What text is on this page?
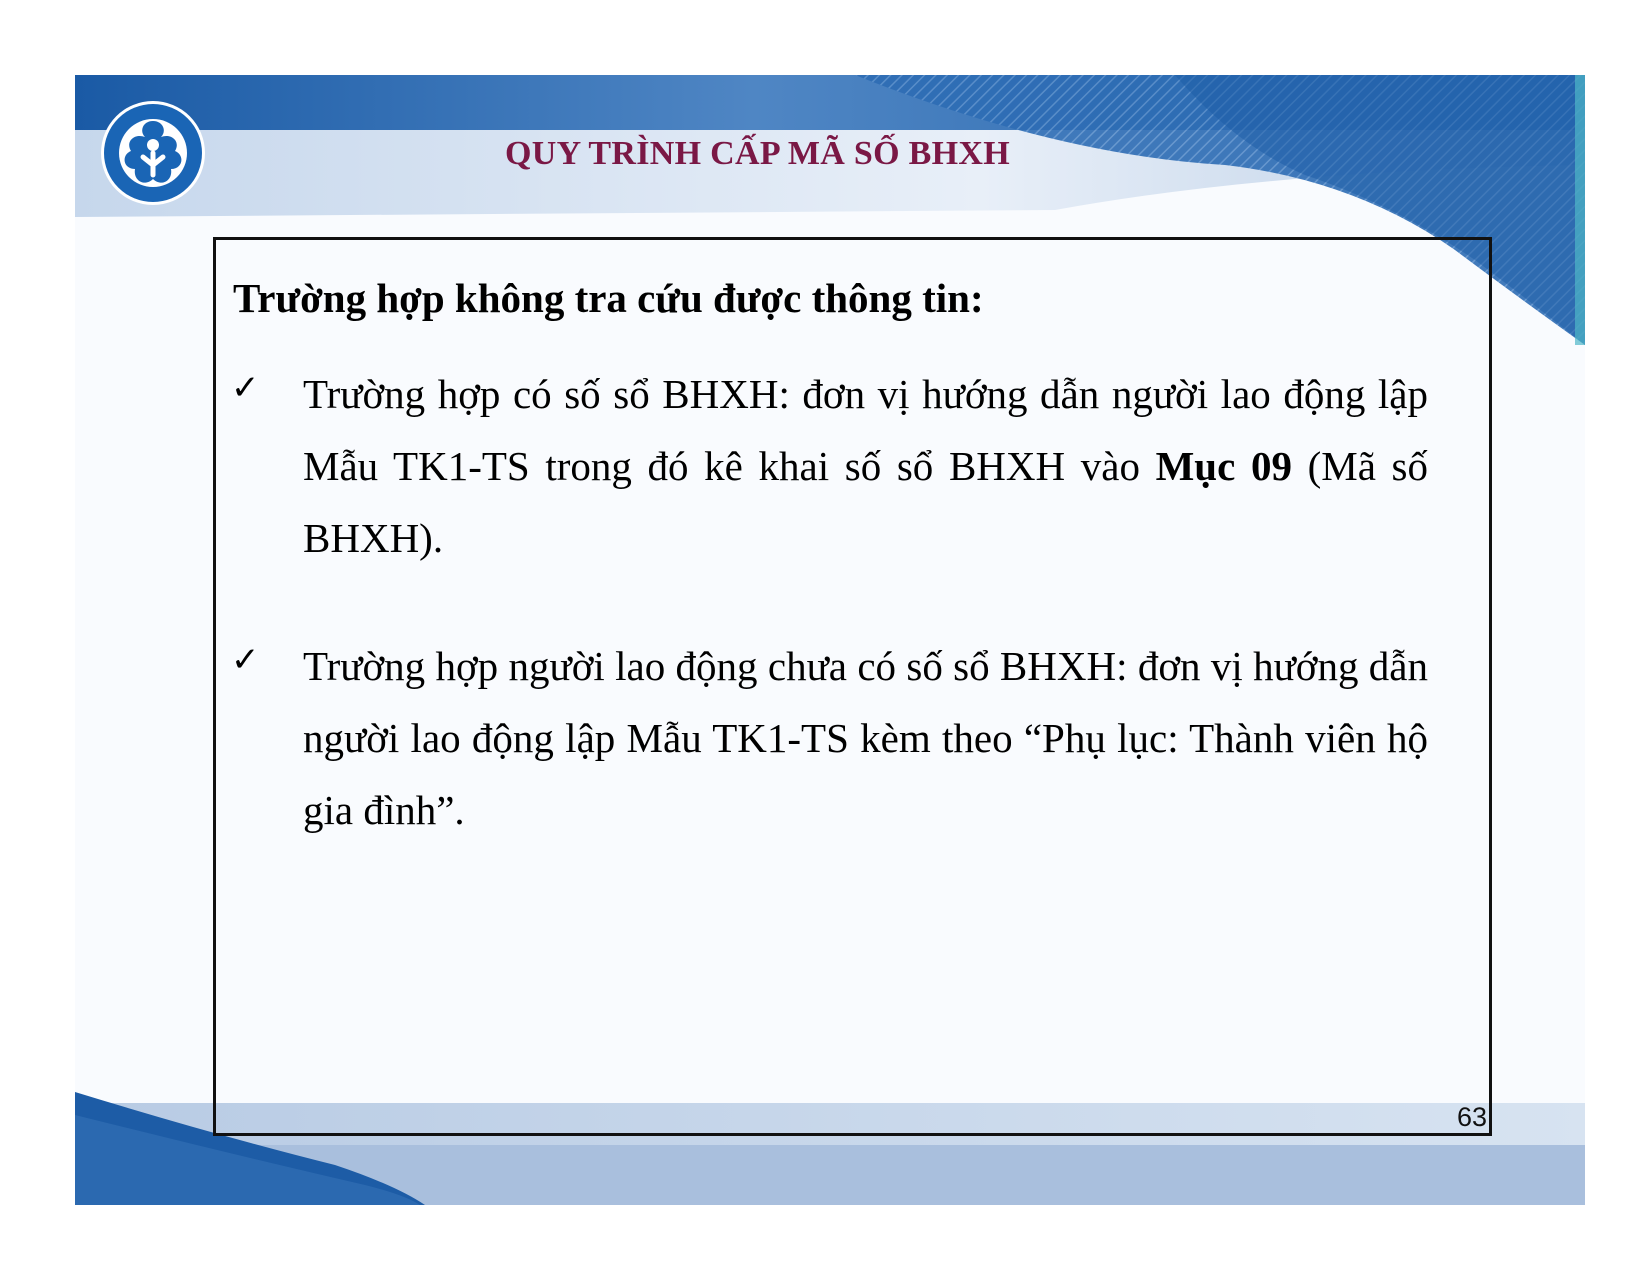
QUY TRÌNH CẤP MÃ SỐ BHXH
Trường hợp không tra cứu được thông tin:
✓ Trường hợp có số sổ BHXH: đơn vị hướng dẫn người lao động lập Mẫu TK1-TS trong đó kê khai số sổ BHXH vào Mục 09 (Mã số BHXH).
✓ Trường hợp người lao động chưa có số sổ BHXH: đơn vị hướng dẫn người lao động lập Mẫu TK1-TS kèm theo “Phụ lục: Thành viên hộ gia đình”.
63
